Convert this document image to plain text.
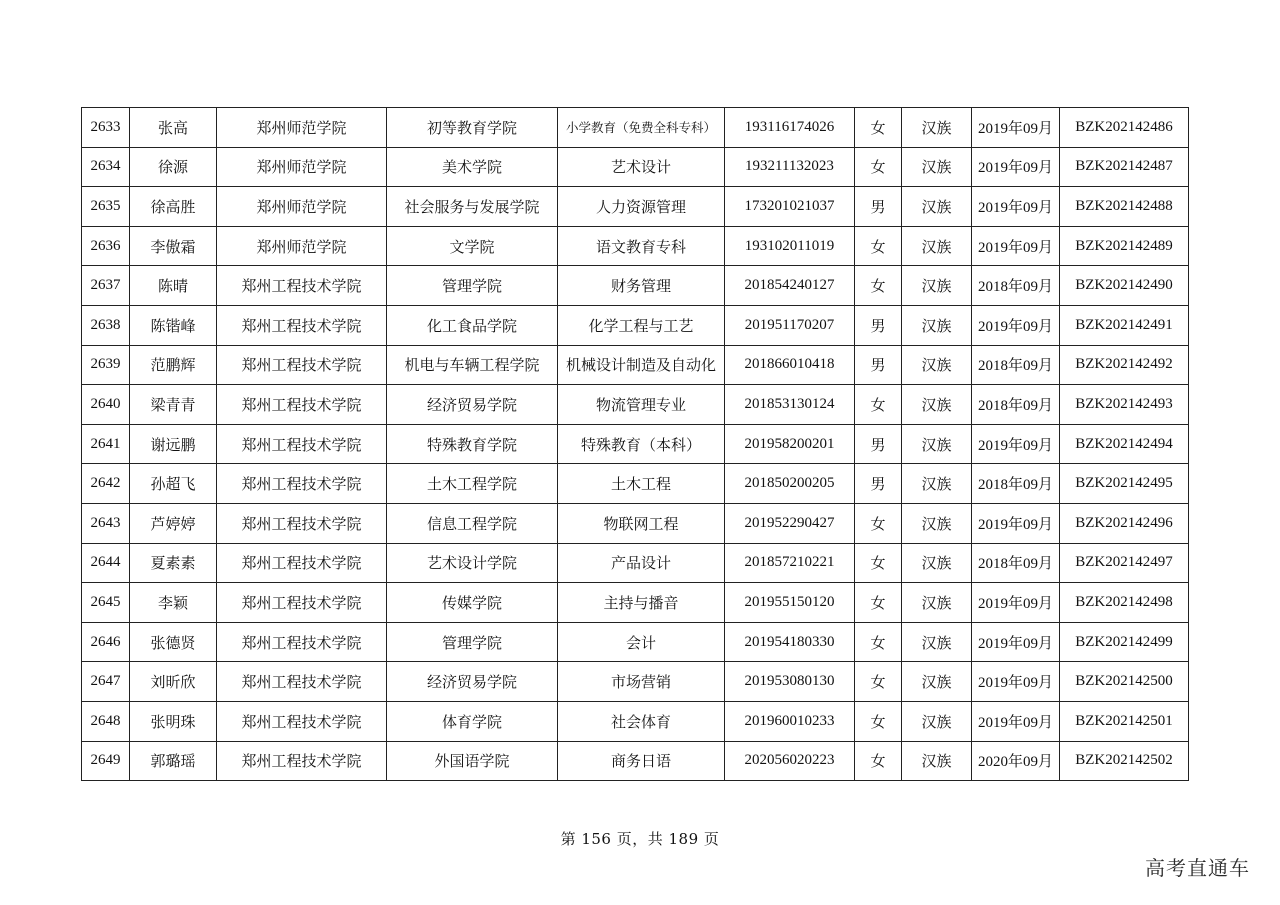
2633	张高	郑州师范学院	初等教育学院	小学教育（免费全科专科）	193116174026	女	汉族	2019年09月	BZK202142486
2634	徐源	郑州师范学院	美术学院	艺术设计	193211132023	女	汉族	2019年09月	BZK202142487
2635	徐高胜	郑州师范学院	社会服务与发展学院	人力资源管理	173201021037	男	汉族	2019年09月	BZK202142488
2636	李傲霜	郑州师范学院	文学院	语文教育专科	193102011019	女	汉族	2019年09月	BZK202142489
2637	陈晴	郑州工程技术学院	管理学院	财务管理	201854240127	女	汉族	2018年09月	BZK202142490
2638	陈锴峰	郑州工程技术学院	化工食品学院	化学工程与工艺	201951170207	男	汉族	2019年09月	BZK202142491
2639	范鹏辉	郑州工程技术学院	机电与车辆工程学院	机械设计制造及自动化	201866010418	男	汉族	2018年09月	BZK202142492
2640	梁青青	郑州工程技术学院	经济贸易学院	物流管理专业	201853130124	女	汉族	2018年09月	BZK202142493
2641	谢远鹏	郑州工程技术学院	特殊教育学院	特殊教育（本科）	201958200201	男	汉族	2019年09月	BZK202142494
2642	孙超飞	郑州工程技术学院	土木工程学院	土木工程	201850200205	男	汉族	2018年09月	BZK202142495
2643	芦婷婷	郑州工程技术学院	信息工程学院	物联网工程	201952290427	女	汉族	2019年09月	BZK202142496
2644	夏素素	郑州工程技术学院	艺术设计学院	产品设计	201857210221	女	汉族	2018年09月	BZK202142497
2645	李颖	郑州工程技术学院	传媒学院	主持与播音	201955150120	女	汉族	2019年09月	BZK202142498
2646	张德贤	郑州工程技术学院	管理学院	会计	201954180330	女	汉族	2019年09月	BZK202142499
2647	刘昕欣	郑州工程技术学院	经济贸易学院	市场营销	201953080130	女	汉族	2019年09月	BZK202142500
2648	张明珠	郑州工程技术学院	体育学院	社会体育	201960010233	女	汉族	2019年09月	BZK202142501
2649	郭璐瑶	郑州工程技术学院	外国语学院	商务日语	202056020223	女	汉族	2020年09月	BZK202142502
第 156 页，共 189 页
高考直通车
